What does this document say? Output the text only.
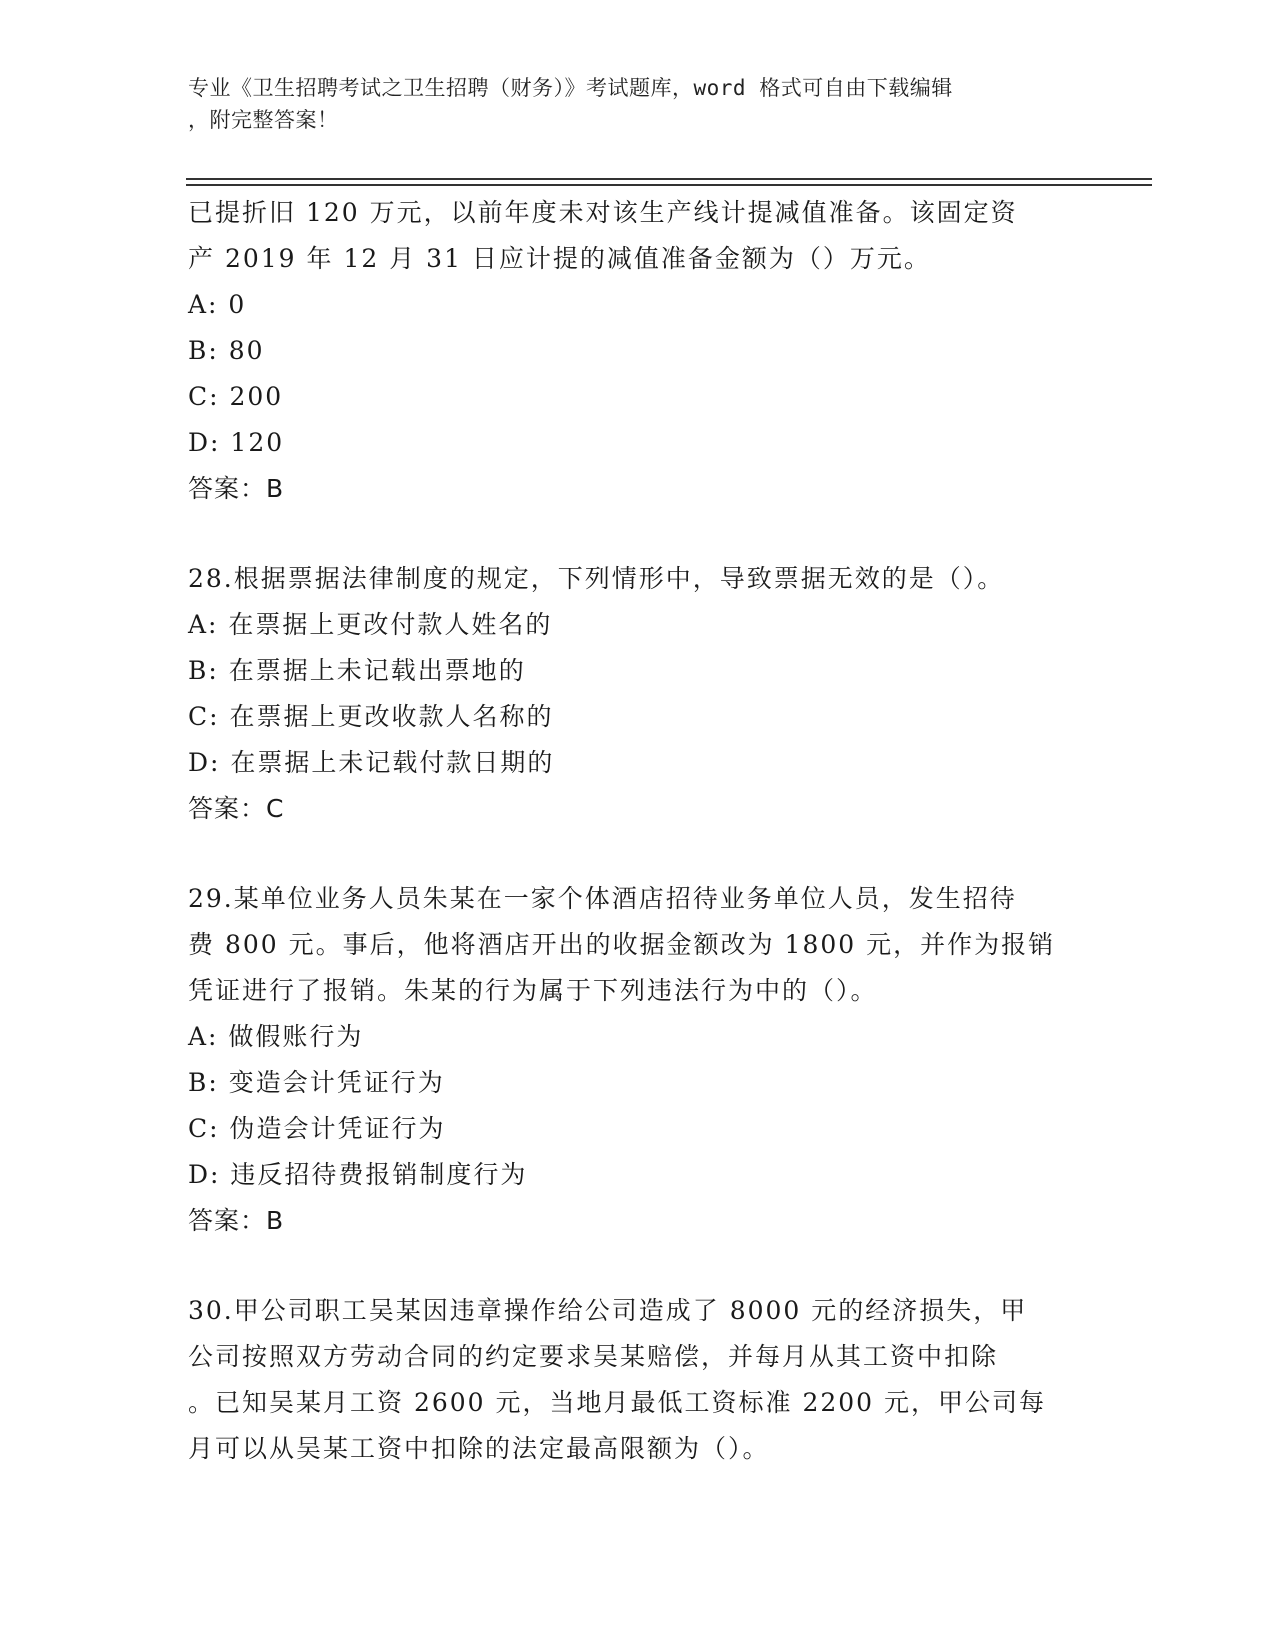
专业《卫生招聘考试之卫生招聘（财务）》考试题库，word 格式可自由下载编辑
，附完整答案！
已提折旧 120 万元，以前年度未对该生产线计提减值准备。该固定资
产 2019 年 12 月 31 日应计提的减值准备金额为（）万元。
A: 0
B: 80
C: 200
D: 120
答案：B
28.根据票据法律制度的规定，下列情形中，导致票据无效的是（）。
A: 在票据上更改付款人姓名的
B: 在票据上未记载出票地的
C: 在票据上更改收款人名称的
D: 在票据上未记载付款日期的
答案：C
29.某单位业务人员朱某在一家个体酒店招待业务单位人员，发生招待
费 800 元。事后，他将酒店开出的收据金额改为 1800 元，并作为报销
凭证进行了报销。朱某的行为属于下列违法行为中的（）。
A: 做假账行为
B: 变造会计凭证行为
C: 伪造会计凭证行为
D: 违反招待费报销制度行为
答案：B
30.甲公司职工吴某因违章操作给公司造成了 8000 元的经济损失，甲
公司按照双方劳动合同的约定要求吴某赔偿，并每月从其工资中扣除
。已知吴某月工资 2600 元，当地月最低工资标准 2200 元，甲公司每
月可以从吴某工资中扣除的法定最高限额为（）。
